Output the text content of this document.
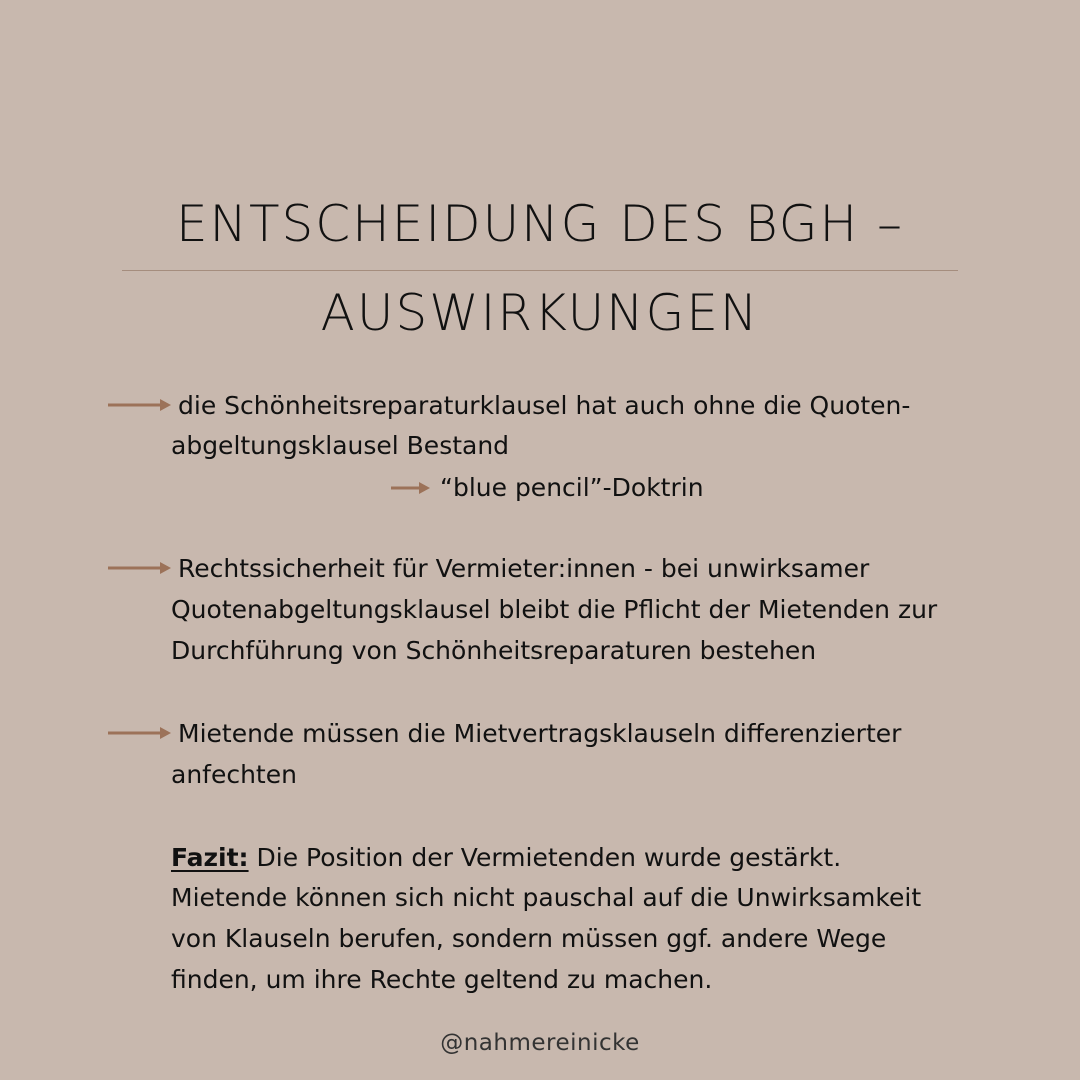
ENTSCHEIDUNG DES BGH –
AUSWIRKUNGEN
die Schönheitsreparaturklausel hat auch ohne die Quoten-
abgeltungsklausel Bestand
“blue pencil”-Doktrin
Rechtssicherheit für Vermieter:innen - bei unwirksamer
Quotenabgeltungsklausel bleibt die Pflicht der Mietenden zur
Durchführung von Schönheitsreparaturen bestehen
Mietende müssen die Mietvertragsklauseln differenzierter
anfechten
Fazit: Die Position der Vermietenden wurde gestärkt.
Mietende können sich nicht pauschal auf die Unwirksamkeit
von Klauseln berufen, sondern müssen ggf. andere Wege
finden, um ihre Rechte geltend zu machen.
@nahmereinicke
